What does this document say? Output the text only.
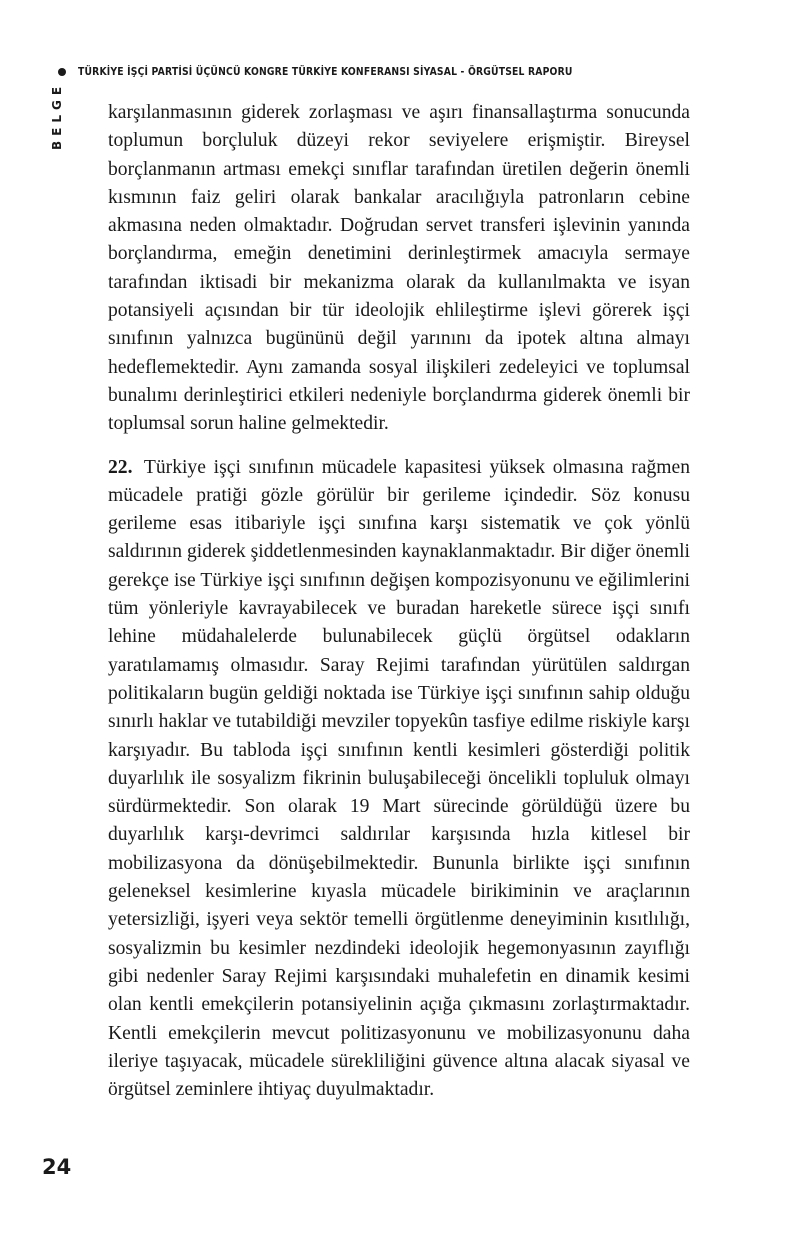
TÜRKİYE İŞÇİ PARTİSİ ÜÇÜNCÜ KONGRE TÜRKİYE KONFERANSI SİYASAL - ÖRGÜTSEL RAPORU
BELGE karşılanmasının giderek zorlaşması ve aşırı finansallaştırma sonucunda toplumun borçluluk düzeyi rekor seviyelere erişmiştir. Bireysel borçlanmanın artması emekçi sınıflar tarafından üretilen değerin önemli kısmının faiz geliri olarak bankalar aracılığıyla patronların cebine akmasına neden olmaktadır. Doğrudan servet transferi işlevinin yanında borçlandırma, emeğin denetimini derinleştirmek amacıyla sermaye tarafından iktisadi bir mekanizma olarak da kullanılmakta ve isyan potansiyeli açısından bir tür ideolojik ehlileştirme işlevi görerek işçi sınıfının yalnızca bugününü değil yarınını da ipotek altına almayı hedeflemektedir. Aynı zamanda sosyal ilişkileri zedeleyici ve toplumsal bunalımı derinleştirici etkileri nedeniyle borçlandırma giderek önemli bir toplumsal sorun haline gelmektedir.

22. Türkiye işçi sınıfının mücadele kapasitesi yüksek olmasına rağmen mücadele pratiği gözle görülür bir gerileme içindedir. Söz konusu gerileme esas itibariyle işçi sınıfına karşı sistematik ve çok yönlü saldırının giderek şiddetlenmesinden kaynaklanmaktadır. Bir diğer önemli gerekçe ise Türkiye işçi sınıfının değişen kompozisyonunu ve eğilimlerini tüm yönleriyle kavrayabilecek ve buradan hareketle sürece işçi sınıfı lehine müdahalelerde bulunabilecek güçlü örgütsel odakların yaratılamamış olmasıdır. Saray Rejimi tarafından yürütülen saldırgan politikaların bugün geldiği noktada ise Türkiye işçi sınıfının sahip olduğu sınırlı haklar ve tutabildiği mevziler topyekûn tasfiye edilme riskiyle karşı karşıyadır. Bu tabloda işçi sınıfının kentli kesimleri gösterdiği politik duyarlılık ile sosyalizm fikrinin buluşabileceği öncelikli topluluk olmayı sürdürmektedir. Son olarak 19 Mart sürecinde görüldüğü üzere bu duyarlılık karşı-devrimci saldırılar karşısında hızla kitlesel bir mobilizasyona da dönüşebilmektedir. Bununla birlikte işçi sınıfının geleneksel kesimlerine kıyasla mücadele birikiminin ve araçlarının yetersizliği, işyeri veya sektör temelli örgütlenme deneyiminin kısıtlılığı, sosyalizmin bu kesimler nezdindeki ideolojik hegemonyasının zayıflığı gibi nedenler Saray Rejimi karşısındaki muhalefetin en dinamik kesimi olan kentli emekçilerin potansiyelinin açığa çıkmasını zorlaştırmaktadır. Kentli emekçilerin mevcut politizasyonunu ve mobilizasyonunu daha ileriye taşıyacak, mücadele sürekliliğini güvence altına alacak siyasal ve örgütsel zeminlere ihtiyaç duyulmaktadır.

24
